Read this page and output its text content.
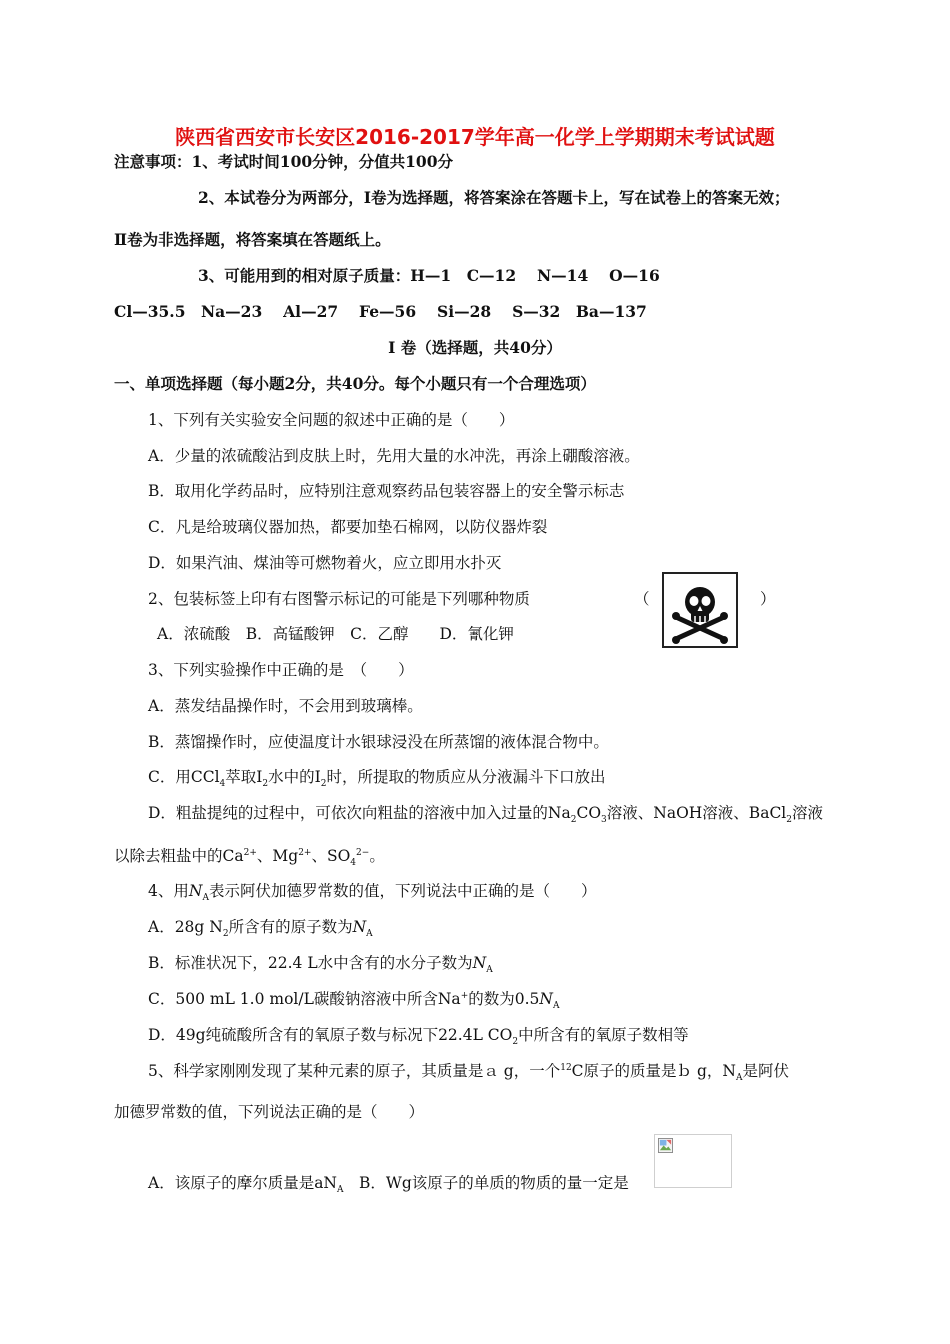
陕西省西安市长安区2016-2017学年高一化学上学期期末考试试题
注意事项：1、考试时间100分钟，分值共100分
2、本试卷分为两部分，Ⅰ卷为选择题，将答案涂在答题卡上，写在试卷上的答案无效；
Ⅱ卷为非选择题，将答案填在答题纸上。
3、可能用到的相对原子质量：H—1　C—12　 N—14　 O—16
Cl—35.5　Na—23　 Al—27　 Fe—56　 Si—28　 S—32　Ba—137
Ⅰ 卷（选择题，共40分）
一、单项选择题（每小题2分，共40分。每个小题只有一个合理选项）
1、下列有关实验安全问题的叙述中正确的是（　　）
A．少量的浓硫酸沾到皮肤上时，先用大量的水冲洗，再涂上硼酸溶液。
B．取用化学药品时，应特别注意观察药品包装容器上的安全警示标志
C．凡是给玻璃仪器加热，都要加垫石棉网，以防仪器炸裂
D．如果汽油、煤油等可燃物着火，应立即用水扑灭
2、包装标签上印有右图警示标记的可能是下列哪种物质	（	）
A．浓硫酸　B．高锰酸钾　C．乙醇　　D．氰化钾
3、下列实验操作中正确的是　（　　）
A．蒸发结晶操作时，不会用到玻璃棒。
B．蒸馏操作时，应使温度计水银球浸没在所蒸馏的液体混合物中。
C．用CCl$_4$萃取$I_2$水中的$I_2$时，所提取的物质应从分液漏斗下口放出
D．粗盐提纯的过程中，可依次向粗盐的溶液中加入过量的$Na_2CO_3$溶液、NaOH溶液、BaCl$_2$溶液
以除去粗盐中的$Ca^{2+}$、$Mg^{2+}$、$SO_4^{2-}$。
4、用$N_A$表示阿伏加德罗常数的值，下列说法中正确的是（　　）
A．28g $N_2$所含有的原子数为$N_A$
B．标准状况下，22.4 L水中含有的水分子数为$N_A$
C．500 mL 1.0 mol/L碳酸钠溶液中所含Na+的数为$0.5N_A$
D．49g纯硫酸所含有的氧原子数与标况下22.4L $CO_2$中所含有的氧原子数相等
5、科学家刚刚发现了某种元素的原子，其质量是ａ g，一个$^{12}$C原子的质量是ｂ g，$N_A$是阿伏
加德罗常数的值，下列说法正确的是（　　）
A．该原子的摩尔质量是$aN_A$　B．Wg该原子的单质的物质的量一定是
